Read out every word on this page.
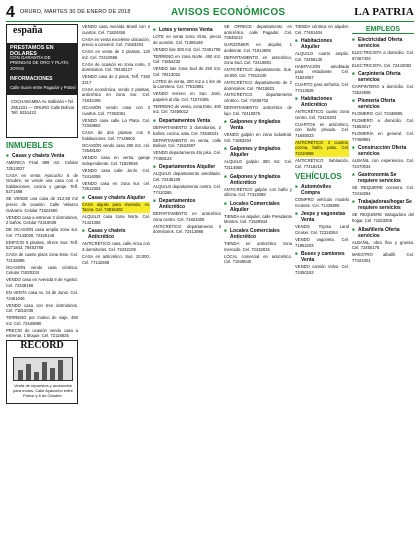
4 ORURO, MARTES 30 DE ENERO DE 2018	AVISOS ECONÓMICOS	LA PATRIA
españa
PRESTAMOS EN DOLARES
CON GARANTÍA DE PRENDAS DE ORO Y PLATA, JOYAS
INFORMACIONES
Calle Sucre entre Pagador y Potosí
COCHABAMBA Av. Ballivián • Tel. 2551231 — ORURO Calle Bolívar Telf. 5251422
INMUEBLES
■ Casas y chalets Venta
AMÉRICA Final 889 m2. Celular 72513027
CASA en venta Ayacucho 6 de Octubre, se vende una casa con 4 habitaciones, cocina y garaje. Telf. 5271488
SE VENDE una casa de 212,50 m2 precio de ocasión. Calle Velasco Galvarro. Celular 71824560
VENDO casa a estrenar 3 dormitorios, 2 baños. Celular 72419038
DE OCASIÓN casa amplia zona sur. Cel. 77143026, 72425146
EDIFICIO 5 plantas, ofrece Sus. Telf. 5271843, 79453768
CASA de cuatro pisos zona Este. Cel. 72148395
OCASIÓN vendo casa céntrica. Celular 71820234
VENDO casa en Avenida 6 de Agosto. Cel. 72348166
EN VENTA casa Av. 24 de Junio. Cel. 72451046
VENDO casa con tres dormitorios. Cel. 71812036
TERRENO por motivo de viaje, 450 m2. Cel. 72445890
PRECIO de ocasión vendo casa a estrenar, 1 bloque. Cel. 72116825
RECORD
Venta de repuestos y accesorios para motos. Calle Ayacucho entre Potosí y 6 de Octubre.
VENDO casa Avenida Brasil con 4 cuartos. Cel. 71824456
CASA en venta excelente ubicación, precio a convenir. Cel. 71563204
CASA en venta de 2 plantas, 120 m2. Cel. 72410558
CASA de ocasión en zona norte, 3 dormitorios. Cel. 79445127
VENDO casa de 2 pisos, Telf. 7150 3217
CASA económica, vendo 2 plantas, anticrético en zona Sur. Cel. 71832406
OCASIÓN vendo casa con 3 cuartos. Cel. 77452081
VENDO casa calle La Plata. Cel. 72348902
CASA de dos plantas con 6 habitaciones. Cel. 77145602
OCASIÓN vendo casa 280 m2, cel. 72548100
VENDO casa en venta, garaje independiente. Cel. 71829046
VENDO casa calle Junín. Cel. 72414058
VENDO casa en zona sur, cel. 72512304
■ Casas y chalets Alquiler
CASA alquilo para vivienda, Av. Tacna. Cel. 73816402
ALQUILO casa zona Norte. Cel. 71421056
■ Casas y chalets Anticrético
ANTICRÉTICO casa, calle Arica con 3 dormitorios. Cel. 72432109
CASA en anticrético, Sus. 20.000. Cel. 77142506
■ Lotes y terrenos Venta
LOTE en venta zona Vinto, precio de ocasión. Cel. 71485166
VENDO lote 300 m2. Cel. 72451708
TERRENO en zona Norte, 450 m2. Cel. 71854232
VENDO lote zona Sud de 250 m2. Cel. 78413022
LOTES de venta, 200 m2 a 1 km de la carretera. Cel. 77532881
VENDO terreno en San José, papeles al día. Cel. 71574405
TERRENO de venta, zona Este, 400 m2. Cel. 72456012
■ Departamentos Venta
DEPARTAMENTO 3 dormitorios, 2 baños, cocina, sala. Cel. 72548341
DEPARTAMENTO en venta, calle Bolívar. Cel. 71524907
VENDO departamento 4to piso. Cel. 77458123
■ Departamentos Alquiler
ALQUILO departamento amoblado. Cel. 72435109
ALQUILO departamento centro. Cel. 77410265
■ Departamentos Anticrético
DEPARTAMENTO en anticrético zona centro. Cel. 71823405
ANTICRÉTICO departamento 3 dormitorios. Cel. 72413986
SE OFRECE departamento en anticrético, calle Pagador. Cel. 72548213
GARZONIER en alquiler, 1 ambiente. Cel. 71814506
DEPARTAMENTO en anticrético, zona Sud. Cel. 72416801
ANTICRÉTICO departamento, Sus. 18.000. Cel. 77812340
ANTICRÉTICO departamento de 2 dormitorios. Cel. 79415623
ANTICRÉTICO departamento céntrico. Cel. 71836702
DEPARTAMENTO anticrético de lujo. Cel. 72410875
■ Galpones y tinglados Venta
VENDO galpón en zona industrial. Cel. 71853204
■ Galpones y tinglados Alquiler
ALQUILO galpón 350 m2. Cel. 72114560
■ Galpones y tinglados Anticrético
ANTICRÉTICO galpón con baño y oficina. Cel. 77412086
■ Locales Comerciales Alquiler
TIENDA en alquiler, calle Presidente Montes. Cel. 71528944
■ Locales Comerciales Anticrético
TIENDA en anticrético zona mercado. Cel. 72432815
LOCAL comercial en anticrético. Cel. 71826540
TIENDA céntrica en alquiler. Cel. 77461404
■ Habitaciones Alquiler
ALQUILO cuarto amplio. Cel. 72458130
HABITACIÓN amoblada para estudiante. Cel. 71824067
CUARTO para señorita. Cel. 77413526
■ Habitaciones Anticrético
ANTICRÉTICO cuarto zona centro. Cel. 72416304
CUARTOS en anticrético, con baño privado. Cel. 71845023
ANTICRÉTICO 3 cuartos, cocina, baño, patio. Cel. 72410698
ANTICRÉTICO habitación. Cel. 77418215
VEHÍCULOS
■ Automóviles Compra
COMPRO vehículo modelo reciente. Cel. 71426808
■ Jeeps y vagonetas Venta
VENDO Toyota Land Cruiser. Cel. 72318264
VENDO vagoneta. Cel. 71852203
■ Buses y camiones Venta
VENDO camión Volvo. Cel. 72450163
EMPLEOS
■ Electricidad Oferta servicios
ELECTRICISTA a domicilio. Cel. 67467403
ELECTRICISTA. Cel. 72442082
■ Carpintería Oferta servicios
CARPINTERO a domicilio. Cel. 72524605
■ Plomería Oferta servicios
PLOMERO. Cel. 72436605
PLOMERO a domicilio. Cel. 71853017
PLOMERÍA en general. Cel. 77459901
■ Construcción Oferta servicios
ALBAÑIL con experiencia. Cel. 72470034
■ Gastronomía Se requiere servicios
SE REQUIERE cocinera. Cel. 72418254
■ Trabajadoras/hogar Se requiere servicios
SE REQUIERE trabajadora del hogar. Cel. 71823306
■ Albañilería Oferta servicios
ALBAÑIL, obra fina y gruesa. Cel. 72450176
MAESTRO albañil. Cel. 77424301
